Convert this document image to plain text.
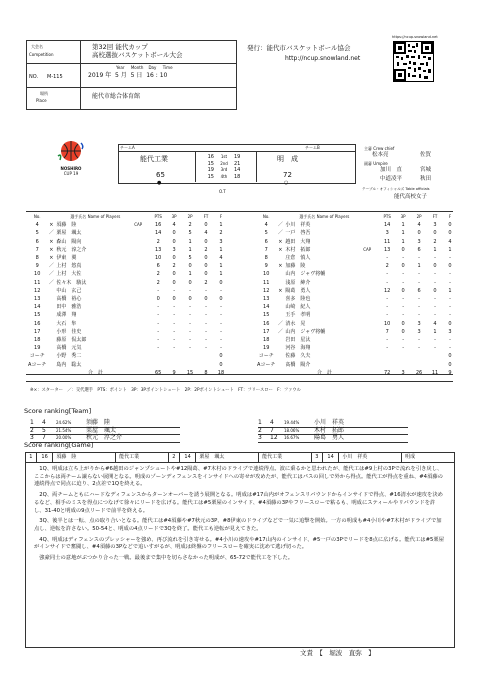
大会名
Competition
第32回 能代カップ
高校選抜バスケットボール大会
NO. M-115
Year Month Day Time
2019 年 5 月 5 日 16 : 10
場所
Place
能代市総合体育館
発行：能代市バスケットボール協会
http://ncup.snowland.net
https://ncup.snowland.net
NOSHIRO
CUP 19
チームA	チームB
能代工業	明　成
65	72
●	○
16	1st	19
15	2nd	21
19	3rd	14
15	4th	18
O.T
主審 Crew chief
松本亮	佐賀
副審 Umpire
加川　直	宮城
中道凌平	秋田
テーブル・オフィシャルズ Table officials
能代高校女子
No.		選手氏名 Name of Players		PTS	3P	2P	FT	F
4	×	須藤　陸	CAP	16	4	2	0	1
5	／	栗屋　颯太		14	0	5	4	2
6	×	森山　陽向		2	0	1	0	3
7	×	秋元　淳之介		13	3	1	2	1
8	×	伊東　翼		10	0	5	0	4
9	／	上村　悠真		6	2	0	0	1
10	／	上村　大佐		2	0	1	0	1
11	／	佐々木　駿汰		2	0	0	2	0
12		中山　玄己		-	-	-	-	-
13		高橋　裕心		0	0	0	0	0
14		田中　雅浩		-	-	-	-	-
15		成澤　翔		-	-	-	-	-
16		大石　隼		-	-	-	-	-
17		小形　佳史		-	-	-	-	-
18		藤原　侃太郎		-	-	-	-	-
19		高橋　元気		-	-	-	-	-
コーチ		小野　秀二						0
Aコーチ		島内　聡太						0
		合　計		65	9	15	8	18
No.		選手氏名 Name of Players		PTS	3P	2P	FT	F
4	／	小川　祥英		14	1	4	3	0
5	／	一戸　啓吾		3	1	0	0	0
6	×	越田　大翔		11	1	3	2	4
7	×	木村　拓郎	CAP	13	0	6	1	1
8		庄倉　慎人		-	-	-	-	-
9	×	加藤　陵		2	0	1	0	0
10		山内　ジャヴ将輔		-	-	-	-	-
11		浅原　紳介		-	-	-	-	-
12	×	陽葛　勇人		12	0	6	0	1
13		喜多　陸也		-	-	-	-	-
14		山崎　紀人		-	-	-	-	-
15		玉手　孝明		-	-	-	-	-
16	／	清水　晃		10	0	3	4	0
17	／	山内　ジャヴ将輔		7	0	3	1	3
18		岩田　星汰		-	-	-	-	-
19		河谷　海翔		-	-	-	-	-
コーチ		佐藤　久夫						0
Aコーチ		髙橋　陽介						0
		合　計		72	3	26	11	9
※×：スターター　／：交代選手　PTS：ポイント　3P：3Pポイントシュート　2P：2Pポイントシュート　FT：フリースロー　F：ファウル
Score ranking[Team]
1	4	24.62%	須藤　陸
2	5	21.54%	栗屋　颯太
3	7	20.00%	秋元　淳之介
1	4	19.44%	小川　祥英
2	7	18.06%	木村　拓郎
3	12	16.67%	陽葛　勇人
Score ranking[Game]
1	16	須藤　陸	能代工業	2	14	栗屋　颯太	能代工業	3	14	小川　祥英	明成

　1Q、明成は立ち上がりから#6越田のジャンプシュートや#12陽葛、#7木村のドライブで連続得点。波に乗るかと思われたが、能代工は#9上村の3Pで流れを引き戻し、ここからは両チーム譲らない展開となる。明成のゾーンディフェンスをインサイドへの寄せが攻めたが、能代工はパスの回しで外から得点。能代工が得点を重ね、#4須藤の連続得点で同点に迫り、2点差で1Qを終える。

　2Q、両チームともにハードなディフェンスからターンオーバーを誘う展開となる。明成は#17山内がオフェンスリバウンドからインサイドで得点、#16清水が速攻を決めるなど、相手のミスを得点につなげて徐々にリードを広げる。能代工は#5栗屋のインサイド、#4須藤の3Pやフリースローで粘るも、明成にスティールやリバウンドを許し、31-40と明成の9点リードで前半を終える。

　3Q、後半とは一転、点の取り合いとなる。能代工は#4須藤や#7秋元の3P、#8伊東のドライブなどで一気に追撃を開始。一方の明成も#4小川や#7木村がドライブで加点し、逆転を許さない。50-54と、明成の4点リードで3Qを終了。能代工も逆転が見えてきた。

　4Q、明成はディフェンスのプレッシャーを強め、再び流れを引き寄せる。#4小川の速攻や#17山内のインサイド、#5一戸の3Pでリードを8点に広げる。能代工は#5栗屋がインサイドで奮闘し、#4須藤の3Pなどで追いすがるが、明成は終盤のフリースローを確実に沈めて逃げ切った。

　強豪同士の意地がぶつかり合った一戦。最後まで集中を切らさなかった明成が、65-72で能代工を下した。

文責　【　堀波　直弥　】
